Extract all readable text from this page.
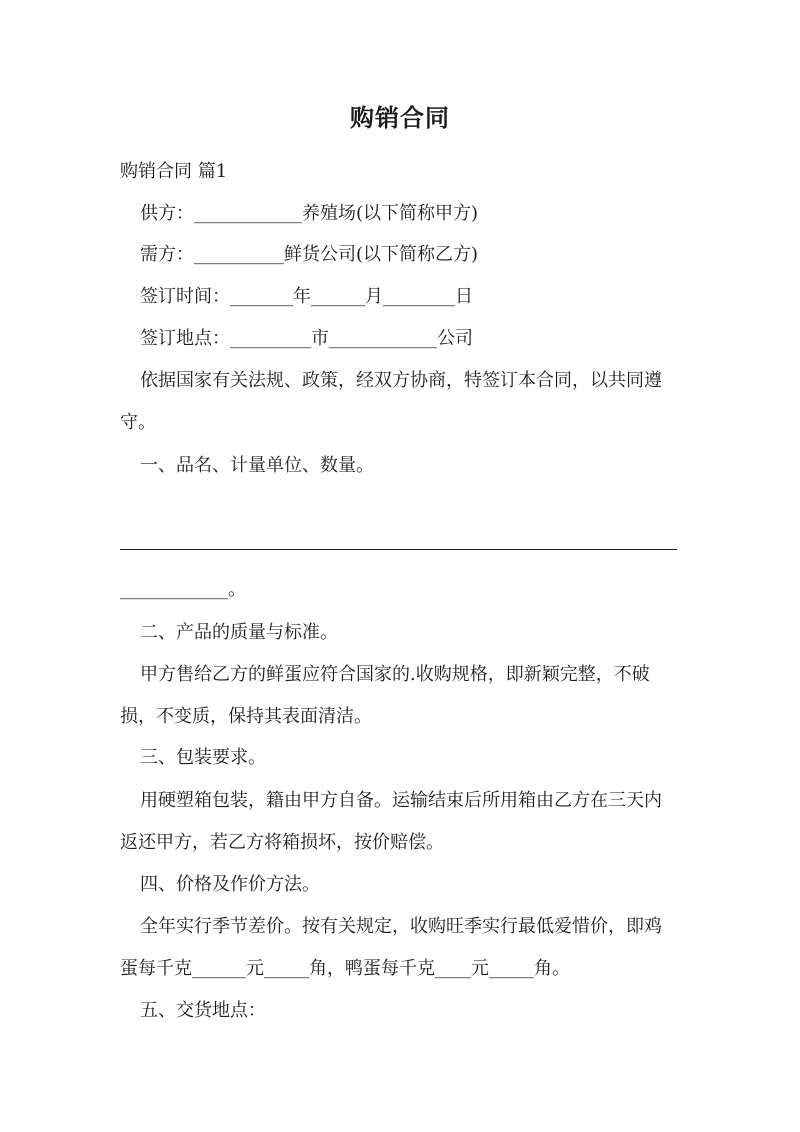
购销合同
购销合同 篇1
供方：____________养殖场(以下简称甲方)
需方：__________鲜货公司(以下简称乙方)
签订时间：_______年______月________日
签订地点：_________市____________公司
依据国家有关法规、政策，经双方协商，特签订本合同，以共同遵
守。
一、品名、计量单位、数量。
____________。
二、产品的质量与标准。
甲方售给乙方的鲜蛋应符合国家的.收购规格，即新颖完整，不破
损，不变质，保持其表面清洁。
三、包装要求。
用硬塑箱包装，籍由甲方自备。运输结束后所用箱由乙方在三天内
返还甲方，若乙方将箱损坏，按价赔偿。
四、价格及作价方法。
全年实行季节差价。按有关规定，收购旺季实行最低爱惜价，即鸡
蛋每千克______元_____角，鸭蛋每千克____元_____角。
五、交货地点：
